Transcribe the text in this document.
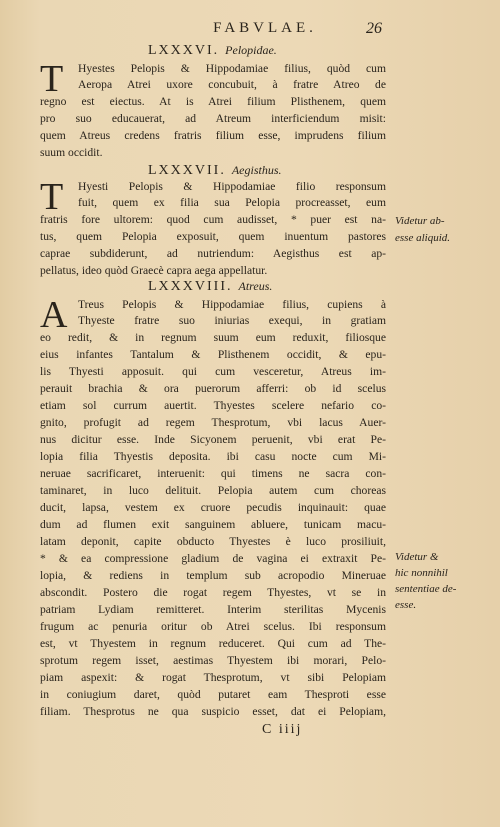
FABVLAE.	26
LXXXVI. Pelopidae.
T Hyestes Pelopis & Hippodamiae filius, quòd cum
Aeropa Atrei uxore concubuit, à fratre Atreo de
regno est eiectus. At is Atrei filium Plisthenem, quem
pro suo educauerat, ad Atreum interficiendum misit:
quem Atreus credens fratris filium esse, imprudens filium
suum occidit.
LXXXVII. Aegisthus.
T Hyesti Pelopis & Hippodamiae filio responsum
fuit, quem ex filia sua Pelopia procreasset, eum
fratris fore ultorem: quod cum audisset, * puer est na-
tus, quem Pelopia exposuit, quem inuentum pastores
caprae subdiderunt, ad nutriendum: Aegisthus est ap-
pellatus, ideo quòd Graecè capra aega appellatur.
LXXXVIII. Atreus.
A Treus Pelopis & Hippodamiae filius, cupiens à
Thyeste fratre suo iniurias exequi, in gratiam
eo redit, & in regnum suum eum reduxit, filiosque
eius infantes Tantalum & Plisthenem occidit, & epu-
lis Thyesti apposuit. qui cum vesceretur, Atreus im-
perauit brachia & ora puerorum afferri: ob id scelus
etiam sol currum auertit. Thyestes scelere nefario co-
gnito, profugit ad regem Thesprotum, vbi lacus Auer-
nus dicitur esse. Inde Sicyonem peruenit, vbi erat Pe-
lopia filia Thyestis deposita. ibi casu nocte cum Mi-
neruae sacrificaret, interuenit: qui timens ne sacra con-
taminaret, in luco delituit. Pelopia autem cum choreas
ducit, lapsa, vestem ex cruore pecudis inquinauit: quae
dum ad flumen exit sanguinem abluere, tunicam macu-
latam deponit, capite obducto Thyestes è luco prosiliuit,
* & ea compressione gladium de vagina ei extraxit Pe-
lopia, & rediens in templum sub acropodio Mineruae
abscondit. Postero die rogat regem Thyestes, vt se in
patriam Lydiam remitteret. Interim sterilitas Mycenis
frugum ac penuria oritur ob Atrei scelus. Ibi responsum
est, vt Thyestem in regnum reduceret. Qui cum ad The-
sprotum regem isset, aestimas Thyestem ibi morari, Pelo-
piam aspexit: & rogat Thesprotum, vt sibi Pelopiam
in coniugium daret, quòd putaret eam Thesproti esse
filiam. Thesprotus ne qua suspicio esset, dat ei Pelopiam,
Videtur ab-
esse aliquid.
Videtur &
hic nonnihil
sententiae de-
esse.
C iiij
